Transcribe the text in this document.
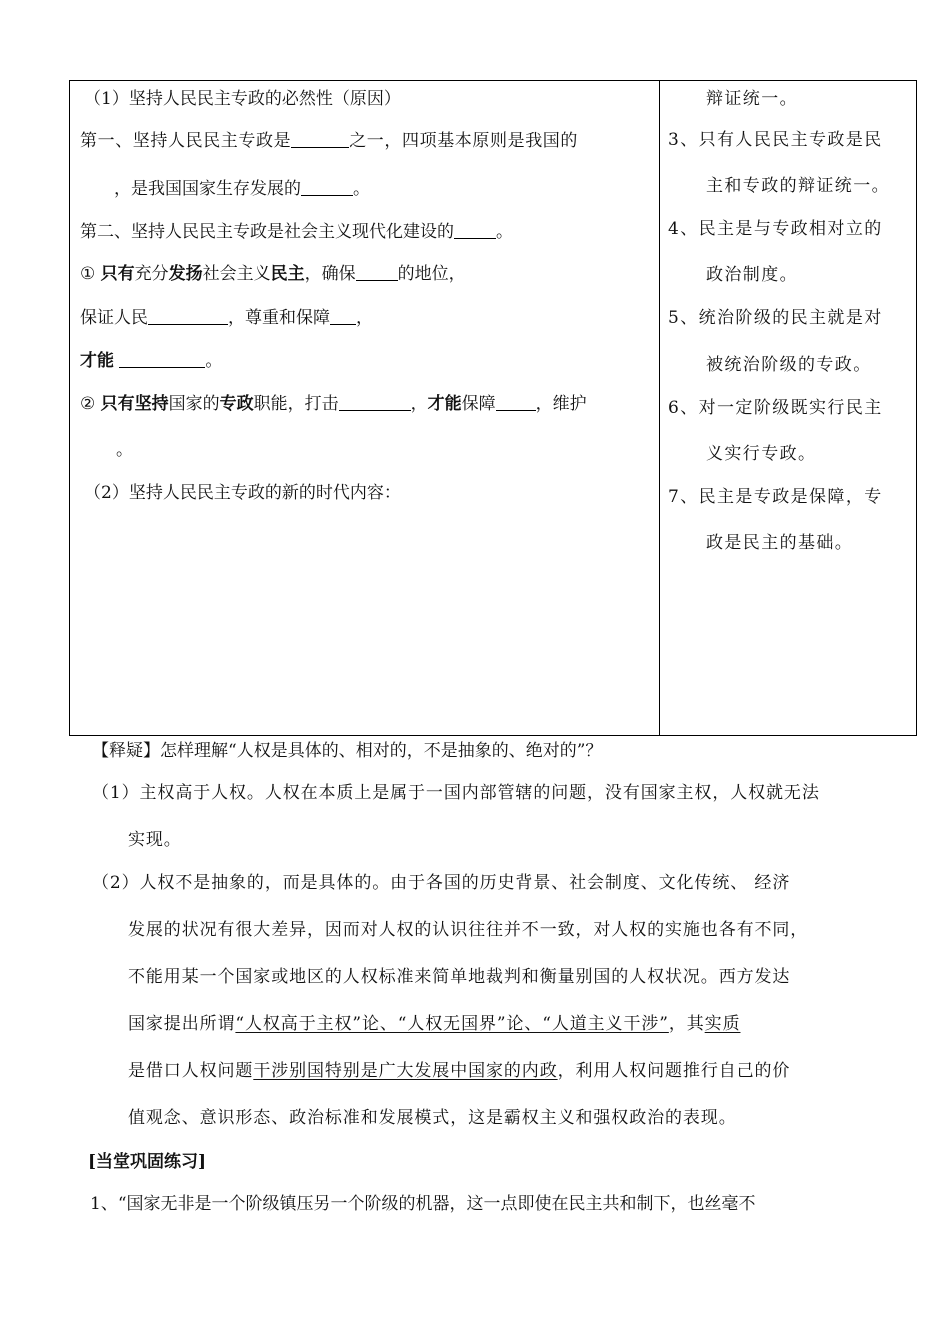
（1）坚持人民民主专政的必然性（原因）
第一、坚持人民民主专政是	之一，四项基本原则是我国的
，是我国国家生存发展的	。
第二、坚持人民民主专政是社会主义现代化建设的 。
① 只有充分发扬社会主义民主，确保 的地位，
保证人民	，尊重和保障 ，
才能	。
② 只有坚持国家的专政职能，打击	，才能保障 ，维护
。
（2）坚持人民民主专政的新的时代内容：
辩证统一。
3、只有人民民主专政是民
主和专政的辩证统一。
4、民主是与专政相对立的
政治制度。
5、统治阶级的民主就是对
被统治阶级的专政。
6、对一定阶级既实行民主
义实行专政。
7、民主是专政是保障，专
政是民主的基础。
【释疑】怎样理解“人权是具体的、相对的，不是抽象的、绝对的”？
（1）主权高于人权。人权在本质上是属于一国内部管辖的问题，没有国家主权，人权就无法
实现。
（2）人权不是抽象的，而是具体的。由于各国的历史背景、社会制度、文化传统、 经济
发展的状况有很大差异，因而对人权的认识往往并不一致，对人权的实施也各有不同，
不能用某一个国家或地区的人权标准来简单地裁判和衡量别国的人权状况。西方发达
国家提出所谓“人权高于主权”论、“人权无国界”论、“人道主义干涉”，其实质
是借口人权问题干涉别国特别是广大发展中国家的内政，利用人权问题推行自己的价
值观念、意识形态、政治标准和发展模式，这是霸权主义和强权政治的表现。
[当堂巩固练习]
1、“国家无非是一个阶级镇压另一个阶级的机器，这一点即使在民主共和制下，也丝毫不
